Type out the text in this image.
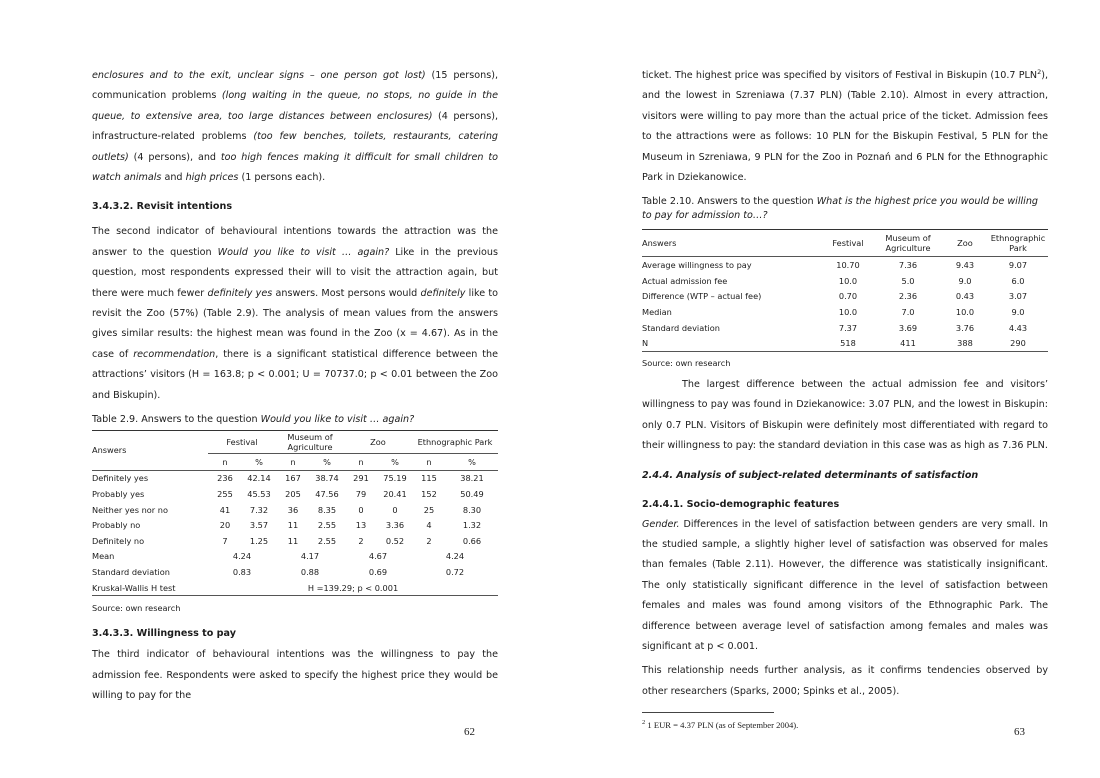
enclosures and to the exit, unclear signs – one person got lost) (15 persons), communication problems (long waiting in the queue, no stops, no guide in the queue, to extensive area, too large distances between enclosures) (4 persons), infrastructure-related problems (too few benches, toilets, restaurants, catering outlets) (4 persons), and too high fences making it difficult for small children to watch animals and high prices (1 persons each).

3.4.3.2. Revisit intentions

The second indicator of behavioural intentions towards the attraction was the answer to the question Would you like to visit … again? Like in the previous question, most respondents expressed their will to visit the attraction again, but there were much fewer definitely yes answers. Most persons would definitely like to revisit the Zoo (57%) (Table 2.9). The analysis of mean values from the answers gives similar results: the highest mean was found in the Zoo (x = 4.67). As in the case of recommendation, there is a significant statistical difference between the attractions’ visitors (H = 163.8; p < 0.001; U = 70737.0; p < 0.01 between the Zoo and Biskupin).

Table 2.9. Answers to the question Would you like to visit … again?
Answers	Festival		Museum of Agriculture		Zoo		Ethnographic Park	
	n	%	n	%	n	%	n	%
Definitely yes	236	42.14	167	38.74	291	75.19	115	38.21
Probably yes	255	45.53	205	47.56	79	20.41	152	50.49
Neither yes nor no	41	7.32	36	8.35	0	0	25	8.30
Probably no	20	3.57	11	2.55	13	3.36	4	1.32
Definitely no	7	1.25	11	2.55	2	0.52	2	0.66
Mean	4.24		4.17		4.67		4.24	
Standard deviation	0.83		0.88		0.69		0.72	
Kruskal-Wallis H test	H =139.29; p < 0.001							
Source: own research
3.4.3.3. Willingness to pay

The third indicator of behavioural intentions was the willingness to pay the admission fee. Respondents were asked to specify the highest price they would be willing to pay for the

62

ticket. The highest price was specified by visitors of Festival in Biskupin (10.7 PLN$^2$), and the lowest in Szreniawa (7.37 PLN) (Table 2.10). Almost in every attraction, visitors were willing to pay more than the actual price of the ticket. Admission fees to the attractions were as follows: 10 PLN for the Biskupin Festival, 5 PLN for the Museum in Szreniawa, 9 PLN for the Zoo in Poznań and 6 PLN for the Ethnographic Park in Dziekanowice.

Table 2.10. Answers to the question What is the highest price you would be willing to pay for admission to…?
Answers	Festival	Museum of Agriculture	Zoo	Ethnographic Park
Average willingness to pay	10.70	7.36	9.43	9.07
Actual admission fee	10.0	5.0	9.0	6.0
Difference (WTP – actual fee)	0.70	2.36	0.43	3.07
Median	10.0	7.0	10.0	9.0
Standard deviation	7.37	3.69	3.76	4.43
N	518	411	388	290
Source: own research

The largest difference between the actual admission fee and visitors’ willingness to pay was found in Dziekanowice: 3.07 PLN, and the lowest in Biskupin: only 0.7 PLN. Visitors of Biskupin were definitely most differentiated with regard to their willingness to pay: the standard deviation in this case was as high as 7.36 PLN.

2.4.4. Analysis of subject-related determinants of satisfaction
2.4.4.1. Socio-demographic features

Gender. Differences in the level of satisfaction between genders are very small. In the studied sample, a slightly higher level of satisfaction was observed for males than females (Table 2.11). However, the difference was statistically insignificant. The only statistically significant difference in the level of satisfaction between females and males was found among visitors of the Ethnographic Park. The difference between average level of satisfaction among females and males was significant at p < 0.001.

This relationship needs further analysis, as it confirms tendencies observed by other researchers (Sparks, 2000; Spinks et al., 2005).

$^2$ 1 EUR = 4.37 PLN (as of September 2004).
63
